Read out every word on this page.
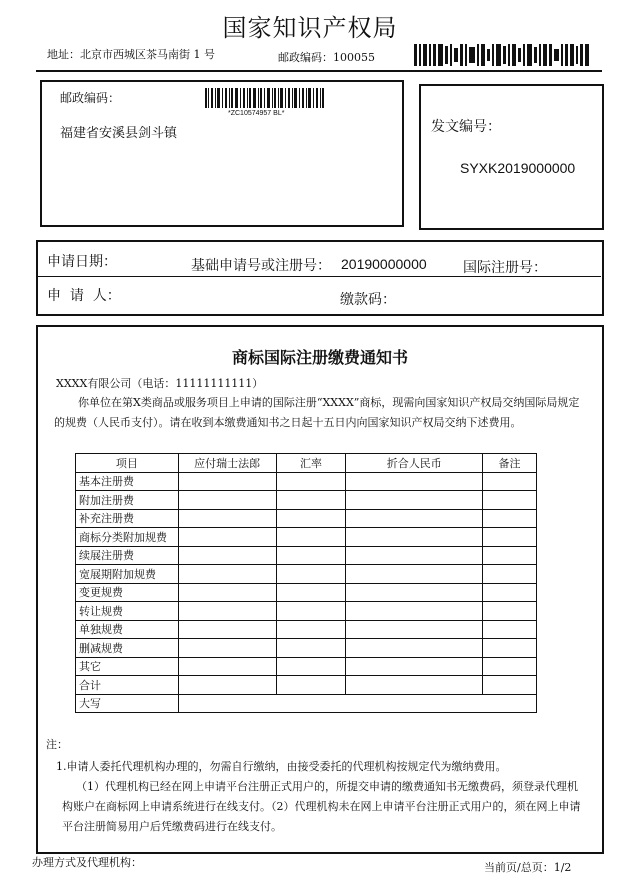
国家知识产权局
地址：北京市西城区茶马南街 1 号	邮政编码：100055
邮政编码：
*ZC10574957 BL*
福建省安溪县剑斗镇	发文编号：
SYXK2019000000
申请日期：	基础申请号或注册号： 20190000000	国际注册号：
申  请  人：	缴款码：
商标国际注册缴费通知书
XXXX有限公司（电话：11111111111）
你单位在第X类商品或服务项目上申请的国际注册“XXXX”商标，现需向国家知识产权局交纳国际局规定的规费（人民币支付）。请在收到本缴费通知书之日起十五日内向国家知识产权局交纳下述费用。
项目	应付瑞士法郎	汇率	折合人民币	备注
基本注册费				
附加注册费				
补充注册费				
商标分类附加规费				
续展注册费				
宽展期附加规费				
变更规费				
转让规费				
单独规费				
删减规费				
其它				
合计				
大写				
注：
1.申请人委托代理机构办理的，勿需自行缴纳，由接受委托的代理机构按规定代为缴纳费用。
（1）代理机构已经在网上申请平台注册正式用户的，所提交申请的缴费通知书无缴费码，须登录代理机构账户在商标网上申请系统进行在线支付。（2）代理机构未在网上申请平台注册正式用户的，须在网上申请平台注册简易用户后凭缴费码进行在线支付。
办理方式及代理机构：	当前页/总页：1/2
